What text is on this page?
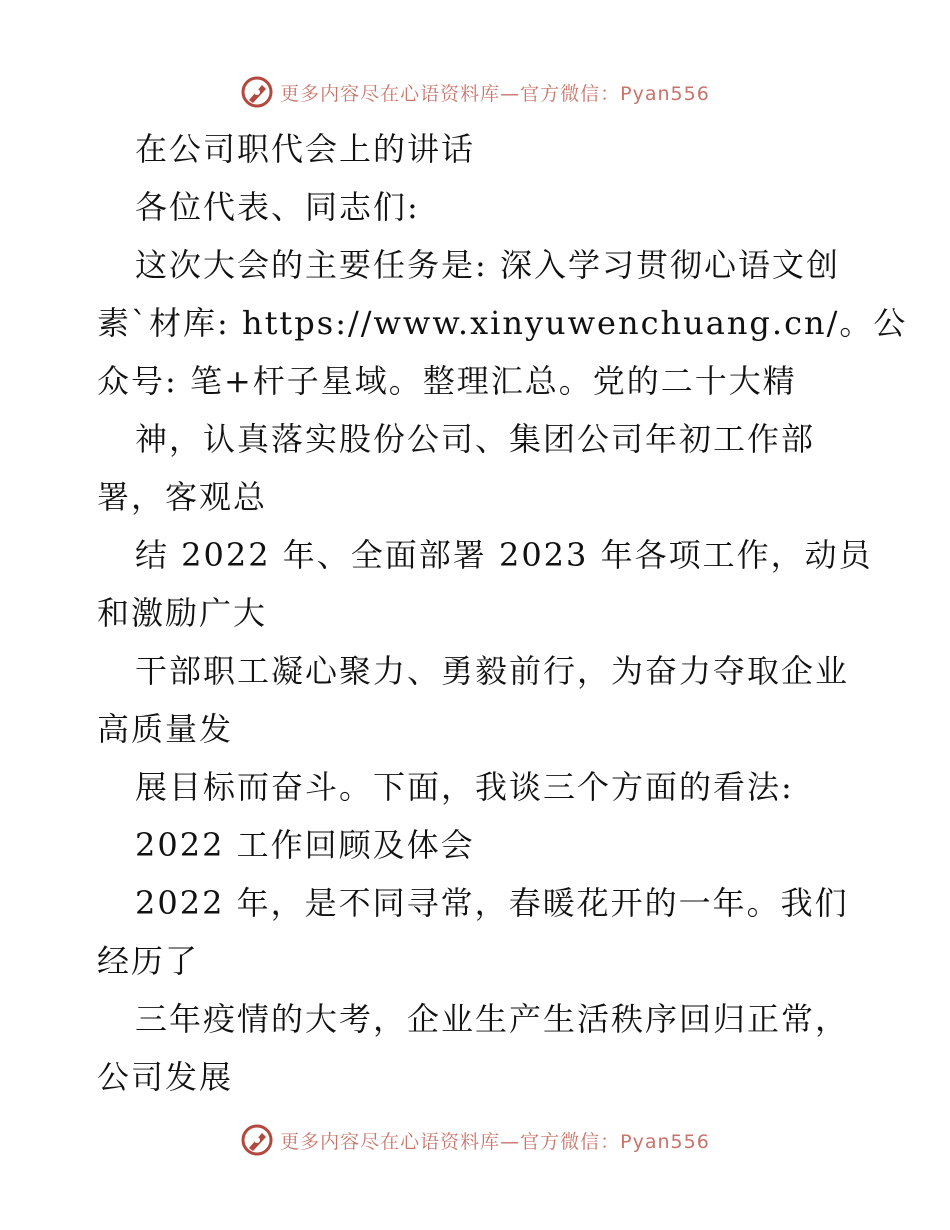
更多内容尽在心语资料库—官方微信：Pyan556
在公司职代会上的讲话
各位代表、同志们:
这次大会的主要任务是: 深入学习贯彻心语文创
素`材库: https://www.xinyuwenchuang.cn/。公
众号: 笔+杆子星域。整理汇总。党的二十大精
神，认真落实股份公司、集团公司年初工作部
署，客观总
结 2022 年、全面部署 2023 年各项工作，动员
和激励广大
干部职工凝心聚力、勇毅前行，为奋力夺取企业
高质量发
展目标而奋斗。下面，我谈三个方面的看法:
2022 工作回顾及体会
2022 年，是不同寻常，春暖花开的一年。我们
经历了
三年疫情的大考，企业生产生活秩序回归正常，
公司发展
更多内容尽在心语资料库—官方微信：Pyan556
